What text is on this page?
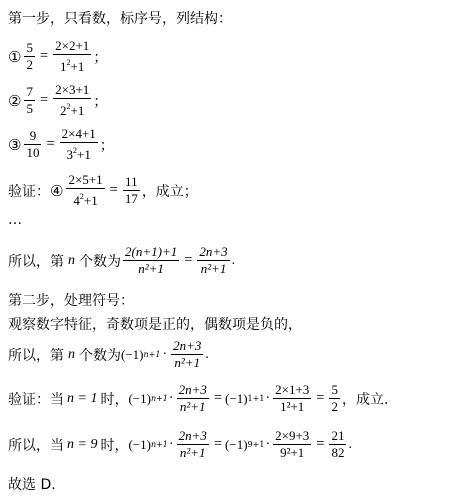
第一步，只看数，标序号，列结构：
① $\frac{5}{2} = \frac{2\times 2+1}{1^2+1}$ ；
② $\frac{7}{5} = \frac{2\times 3+1}{2^2+1}$ ；
③ $\frac{9}{10} = \frac{2\times 4+1}{3^2+1}$ ；
验证： ④ $\frac{2\times 5+1}{4^2+1} = \frac{11}{17}$ ，成立；
…
所以，第 n 个数为 $\frac{2(n+1)+1}{\text{n²+1}} = \frac{2n+3}{\text{n²+1}}$ .
第二步，处理符号：
观察数字特征，奇数项是正的，偶数项是负的，
所以，第 n 个数为 (−1) $n+1 \cdot \frac{2n+3}{\text{n²+1}}$ .
验证：当 n = 1 时， (−1) $n+1 \cdot \frac{2n+3}{\text{n²+1}} = (-1) 1+1 \cdot \frac{2\times 1+3}{\text{1²+1}} = \frac{5}{2}$ ，成立.
所以，当 n = 9 时， (−1) $n+1 \cdot \frac{2n+3}{\text{n²+1}} = (-1) 9+1 \cdot \frac{2\times 9+3}{\text{9²+1}} = \frac{21}{82}$ .
故选 D.
